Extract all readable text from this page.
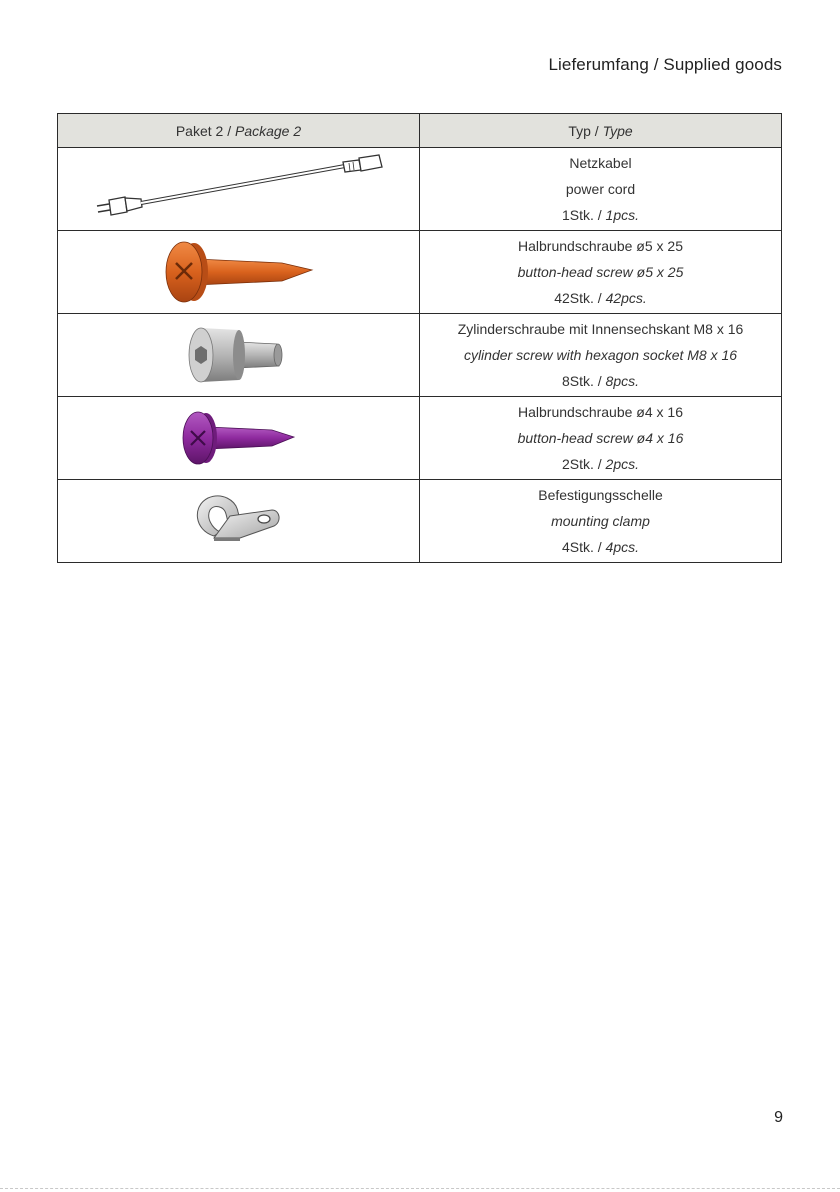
Lieferumfang / Supplied goods
Paket 2 / Package 2	Typ / Type

Netzkabel
power cord
1Stk. / 1pcs.

Halbrundschraube ø5 x 25
button-head screw ø5 x 25
42Stk. / 42pcs.

Zylinderschraube mit Innensechskant M8 x 16
cylinder screw with hexagon socket M8 x 16
8Stk. / 8pcs.

Halbrundschraube ø4 x 16
button-head screw ø4 x 16
2Stk. / 2pcs.

Befestigungsschelle
mounting clamp
4Stk. / 4pcs.
9
